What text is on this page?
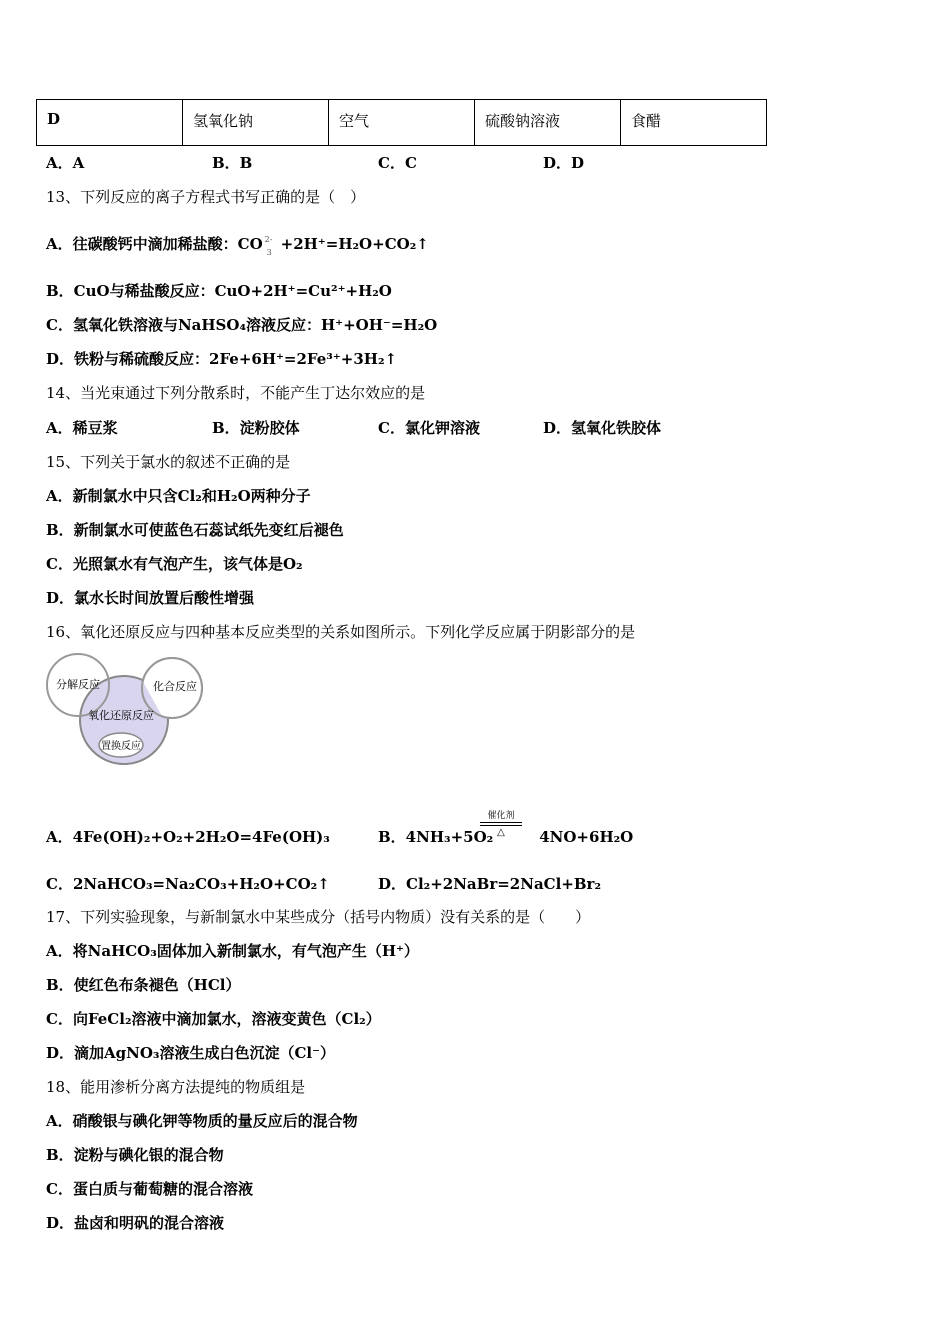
D	氢氧化钠	空气	硫酸钠溶液	食醋
A．A	B．B	C．C	D．D
13、下列反应的离子方程式书写正确的是（　）
A．往碳酸钙中滴加稀盐酸：CO 2-
3 +2H⁺=H₂O+CO₂↑
B．CuO与稀盐酸反应：CuO+2H⁺=Cu²⁺+H₂O
C．氢氧化铁溶液与NaHSO₄溶液反应：H⁺+OH⁻=H₂O
D．铁粉与稀硫酸反应：2Fe+6H⁺=2Fe³⁺+3H₂↑
14、当光束通过下列分散系时，不能产生丁达尔效应的是
A．稀豆浆	B．淀粉胶体	C．氯化钾溶液	D．氢氧化铁胶体
15、下列关于氯水的叙述不正确的是
A．新制氯水中只含Cl₂和H₂O两种分子
B．新制氯水可使蓝色石蕊试纸先变红后褪色
C．光照氯水有气泡产生，该气体是O₂
D．氯水长时间放置后酸性增强
16、氧化还原反应与四种基本反应类型的关系如图所示。下列化学反应属于阴影部分的是
分解反应	化合反应
氧化还原反应
置换反应
A．4Fe(OH)₂+O₂+2H₂O=4Fe(OH)₃	B．4NH₃+5O₂	4NO+6H₂O
催化剂
△
C．2NaHCO₃=Na₂CO₃+H₂O+CO₂↑	D．Cl₂+2NaBr=2NaCl+Br₂
17、下列实验现象，与新制氯水中某些成分（括号内物质）没有关系的是（　　）
A．将NaHCO₃固体加入新制氯水，有气泡产生（H⁺）
B．使红色布条褪色（HCl）
C．向FeCl₂溶液中滴加氯水，溶液变黄色（Cl₂）
D．滴加AgNO₃溶液生成白色沉淀（Cl⁻）
18、能用渗析分离方法提纯的物质组是
A．硝酸银与碘化钾等物质的量反应后的混合物
B．淀粉与碘化银的混合物
C．蛋白质与葡萄糖的混合溶液
D．盐卤和明矾的混合溶液
